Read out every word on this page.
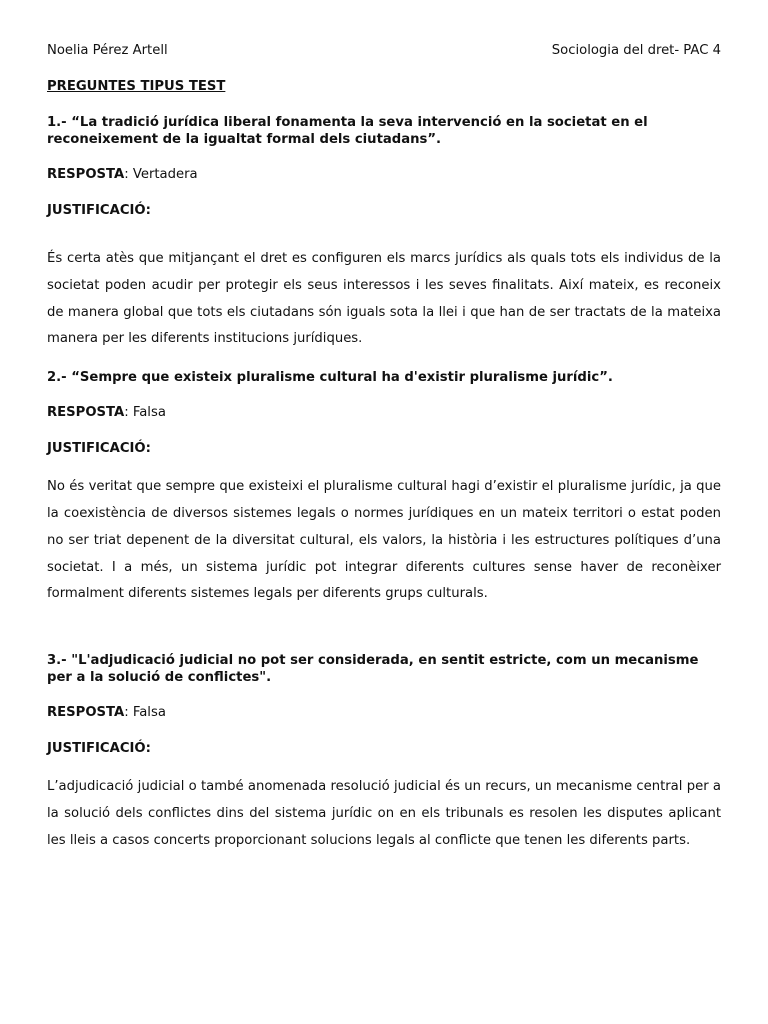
Noelia Pérez Artell	Sociologia del dret- PAC 4
PREGUNTES TIPUS TEST
1.- “La tradició jurídica liberal fonamenta la seva intervenció en la societat en el reconeixement de la igualtat formal dels ciutadans”.
RESPOSTA: Vertadera
JUSTIFICACIÓ:
És certa atès que mitjançant el dret es configuren els marcs jurídics als quals tots els individus de la societat poden acudir per protegir els seus interessos i les seves finalitats. Així mateix, es reconeix de manera global que tots els ciutadans són iguals sota la llei i que han de ser tractats de la mateixa manera per les diferents institucions jurídiques.
2.- “Sempre que existeix pluralisme cultural ha d'existir pluralisme jurídic”.
RESPOSTA: Falsa
JUSTIFICACIÓ:
No és veritat que sempre que existeixi el pluralisme cultural hagi d’existir el pluralisme jurídic, ja que la coexistència de diversos sistemes legals o normes jurídiques en un mateix territori o estat poden no ser triat depenent de la diversitat cultural, els valors, la història i les estructures polítiques d’una societat. I a més, un sistema jurídic pot integrar diferents cultures sense haver de reconèixer formalment diferents sistemes legals per diferents grups culturals.
3.- "L'adjudicació judicial no pot ser considerada, en sentit estricte, com un mecanisme per a la solució de conflictes".
RESPOSTA: Falsa
JUSTIFICACIÓ:
L’adjudicació judicial o també anomenada resolució judicial és un recurs, un mecanisme central per a la solució dels conflictes dins del sistema jurídic on en els tribunals es resolen les disputes aplicant les lleis a casos concerts proporcionant solucions legals al conflicte que tenen les diferents parts.
